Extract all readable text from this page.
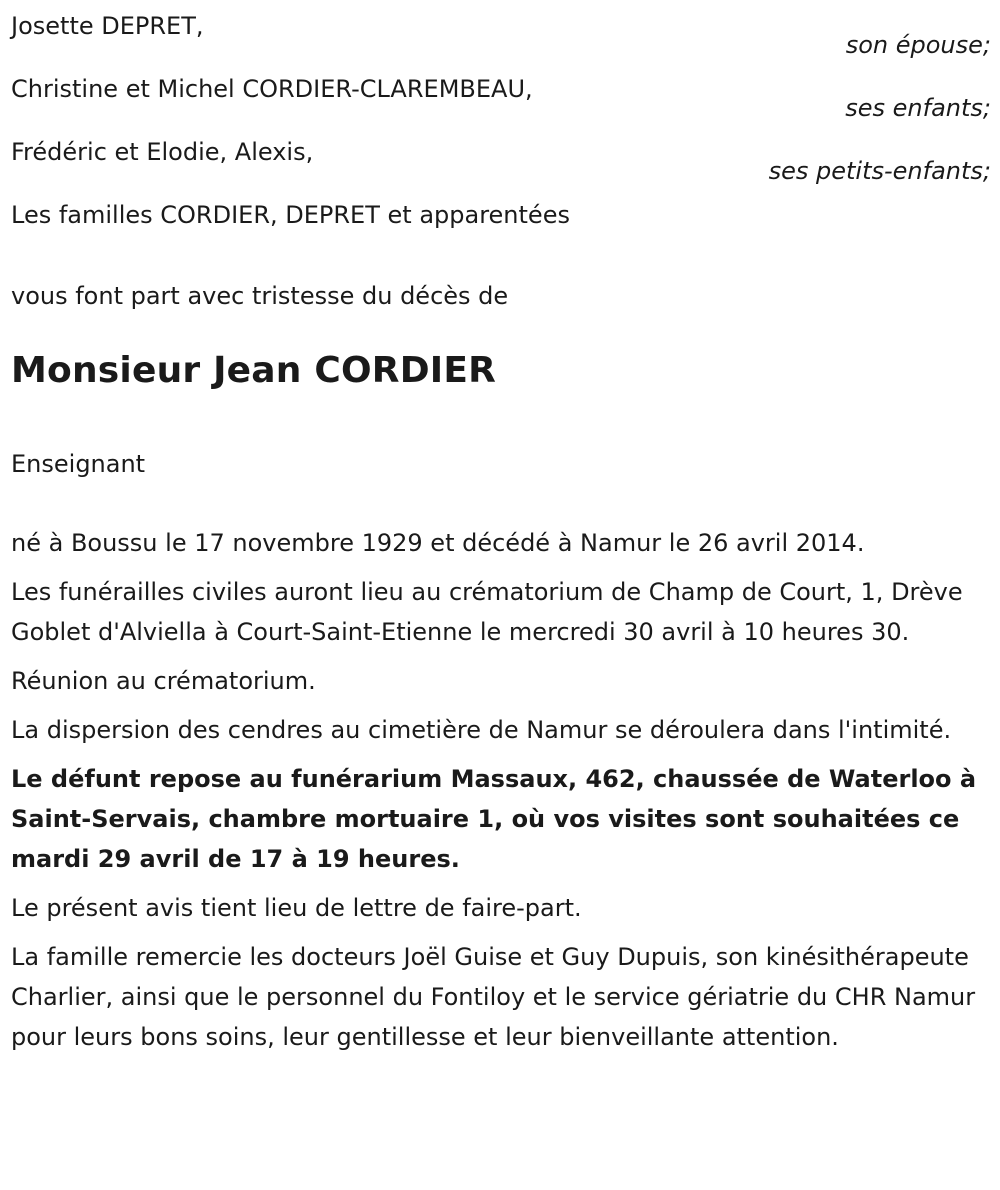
Josette DEPRET,
son épouse;
Christine et Michel CORDIER-CLAREMBEAU,
ses enfants;
Frédéric et Elodie, Alexis,
ses petits-enfants;
Les familles CORDIER, DEPRET et apparentées

vous font part avec tristesse du décès de

Monsieur Jean CORDIER

Enseignant

né à Boussu le 17 novembre 1929 et décédé à Namur le 26 avril 2014.

Les funérailles civiles auront lieu au crématorium de Champ de Court, 1, Drève Goblet d'Alviella à Court-Saint-Etienne le mercredi 30 avril à 10 heures 30.

Réunion au crématorium.

La dispersion des cendres au cimetière de Namur se déroulera dans l'intimité.

Le défunt repose au funérarium Massaux, 462, chaussée de Waterloo à Saint-Servais, chambre mortuaire 1, où vos visites sont souhaitées ce mardi 29 avril de 17 à 19 heures.

Le présent avis tient lieu de lettre de faire-part.

La famille remercie les docteurs Joël Guise et Guy Dupuis, son kinésithérapeute Charlier, ainsi que le personnel du Fontiloy et le service gériatrie du CHR Namur pour leurs bons soins, leur gentillesse et leur bienveillante attention.
